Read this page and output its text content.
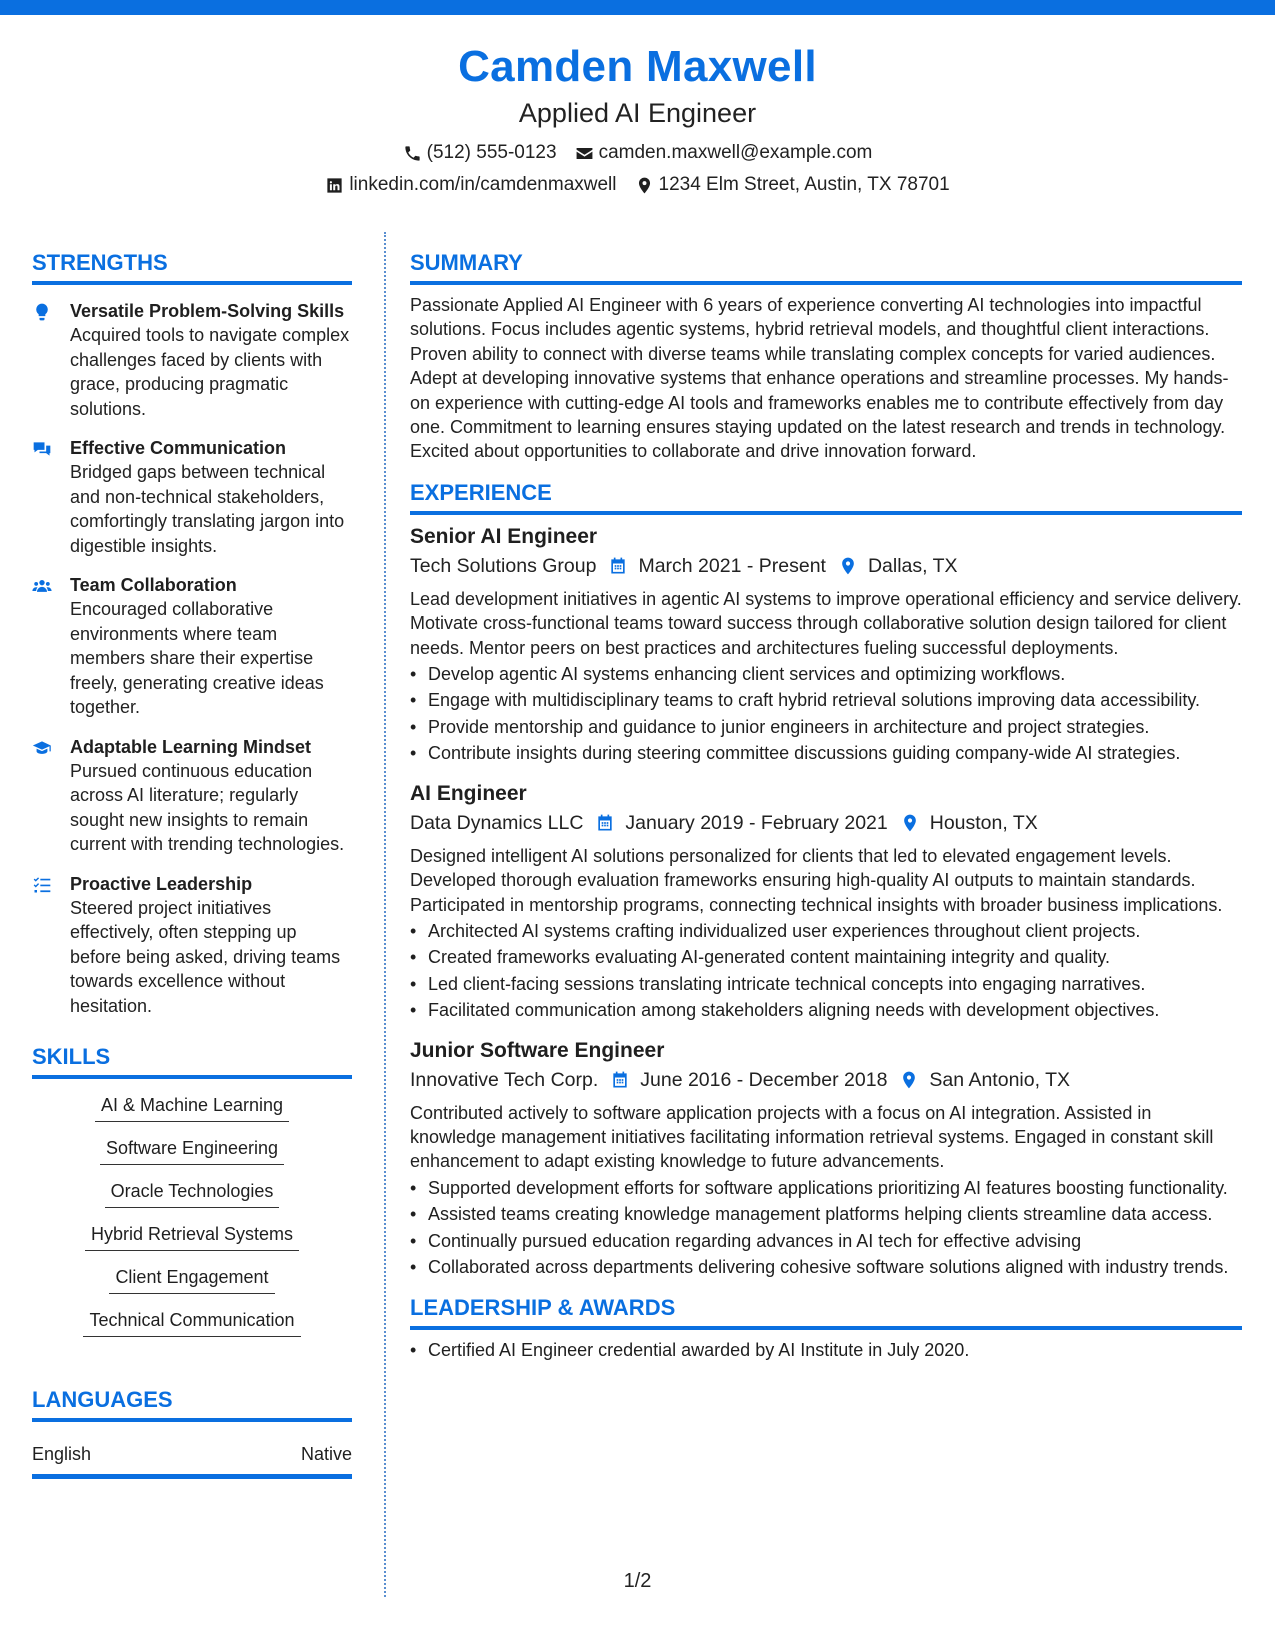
Camden Maxwell
Applied AI Engineer
(512) 555-0123 camden.maxwell@example.com
linkedin.com/in/camdenmaxwell 1234 Elm Street, Austin, TX 78701
STRENGTHS
Versatile Problem-Solving Skills
Acquired tools to navigate complex challenges faced by clients with grace, producing pragmatic solutions.
Effective Communication
Bridged gaps between technical and non-technical stakeholders, comfortingly translating jargon into digestible insights.
Team Collaboration
Encouraged collaborative environments where team members share their expertise freely, generating creative ideas together.
Adaptable Learning Mindset
Pursued continuous education across AI literature; regularly sought new insights to remain current with trending technologies.
Proactive Leadership
Steered project initiatives effectively, often stepping up before being asked, driving teams towards excellence without hesitation.
SKILLS
AI & Machine Learning
Software Engineering
Oracle Technologies
Hybrid Retrieval Systems
Client Engagement
Technical Communication
LANGUAGES
English	Native
SUMMARY
Passionate Applied AI Engineer with 6 years of experience converting AI technologies into impactful solutions. Focus includes agentic systems, hybrid retrieval models, and thoughtful client interactions. Proven ability to connect with diverse teams while translating complex concepts for varied audiences. Adept at developing innovative systems that enhance operations and streamline processes. My hands-on experience with cutting-edge AI tools and frameworks enables me to contribute effectively from day one. Commitment to learning ensures staying updated on the latest research and trends in technology. Excited about opportunities to collaborate and drive innovation forward.
EXPERIENCE
Senior AI Engineer
Tech Solutions Group March 2021 - Present Dallas, TX
Lead development initiatives in agentic AI systems to improve operational efficiency and service delivery. Motivate cross-functional teams toward success through collaborative solution design tailored for client needs. Mentor peers on best practices and architectures fueling successful deployments.
• Develop agentic AI systems enhancing client services and optimizing workflows.
• Engage with multidisciplinary teams to craft hybrid retrieval solutions improving data accessibility.
• Provide mentorship and guidance to junior engineers in architecture and project strategies.
• Contribute insights during steering committee discussions guiding company-wide AI strategies.
AI Engineer
Data Dynamics LLC January 2019 - February 2021 Houston, TX
Designed intelligent AI solutions personalized for clients that led to elevated engagement levels. Developed thorough evaluation frameworks ensuring high-quality AI outputs to maintain standards. Participated in mentorship programs, connecting technical insights with broader business implications.
• Architected AI systems crafting individualized user experiences throughout client projects.
• Created frameworks evaluating AI-generated content maintaining integrity and quality.
• Led client-facing sessions translating intricate technical concepts into engaging narratives.
• Facilitated communication among stakeholders aligning needs with development objectives.
Junior Software Engineer
Innovative Tech Corp. June 2016 - December 2018 San Antonio, TX
Contributed actively to software application projects with a focus on AI integration. Assisted in knowledge management initiatives facilitating information retrieval systems. Engaged in constant skill enhancement to adapt existing knowledge to future advancements.
• Supported development efforts for software applications prioritizing AI features boosting functionality.
• Assisted teams creating knowledge management platforms helping clients streamline data access.
• Continually pursued education regarding advances in AI tech for effective advising
• Collaborated across departments delivering cohesive software solutions aligned with industry trends.
LEADERSHIP & AWARDS
• Certified AI Engineer credential awarded by AI Institute in July 2020.
1/2
